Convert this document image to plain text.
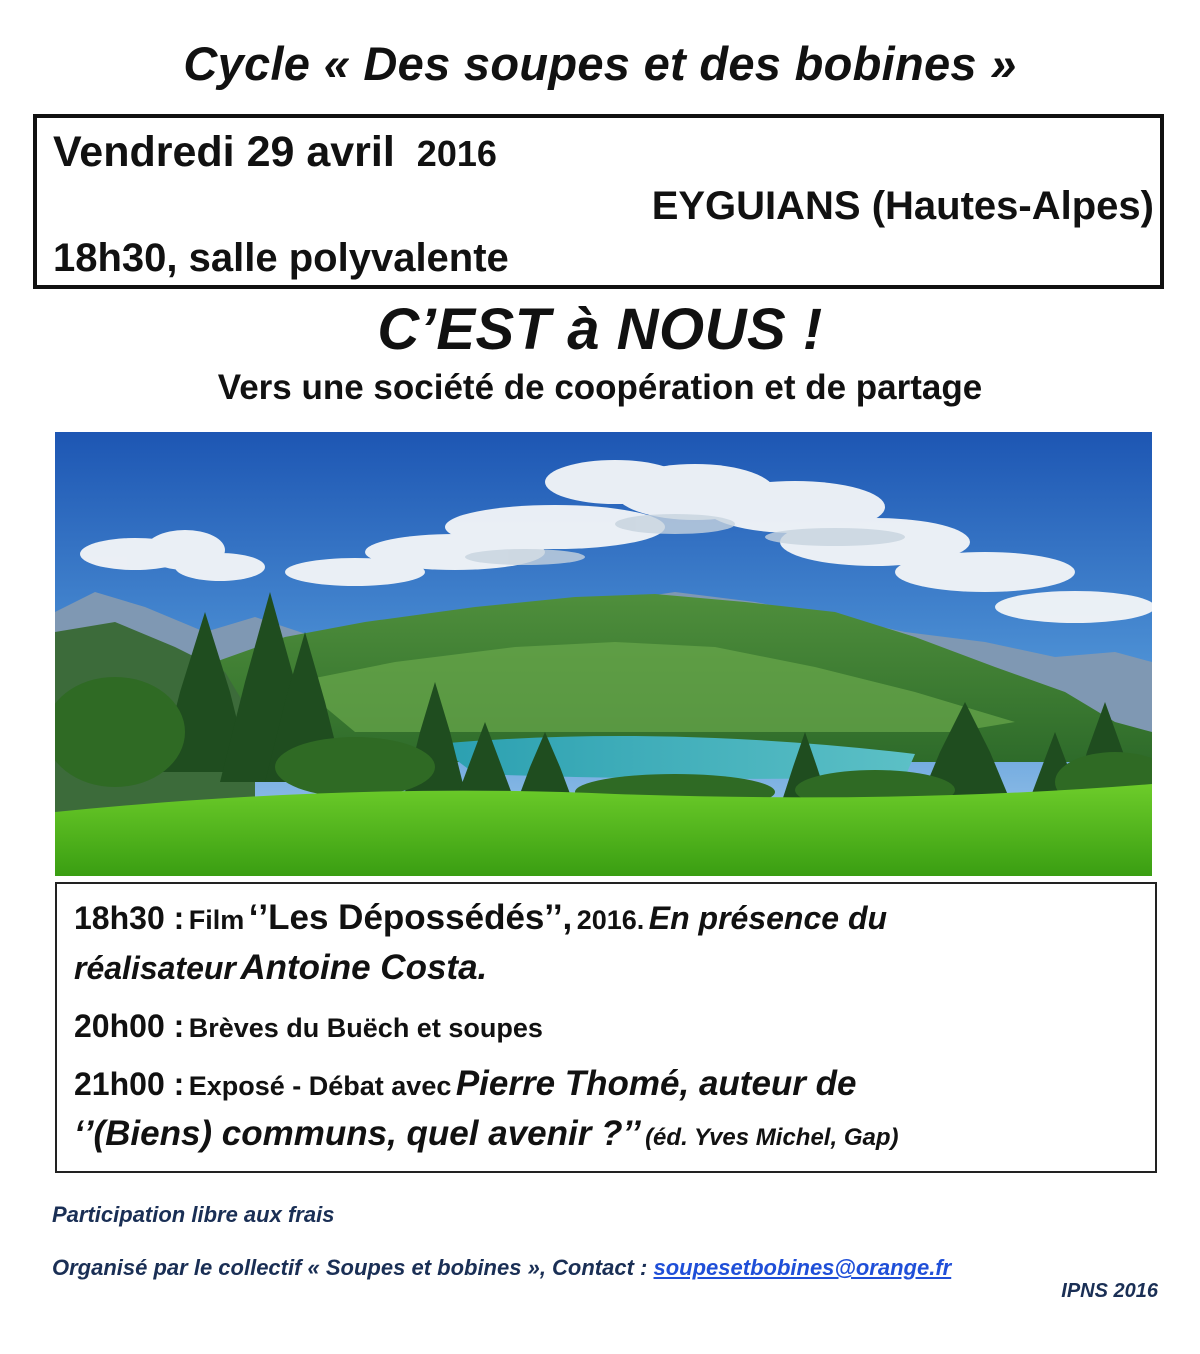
Cycle « Des soupes et des bobines »
Vendredi 29 avril 2016
EYGUIANS (Hautes-Alpes)
18h30, salle polyvalente
C’EST à NOUS !
Vers une société de coopération et de partage
18h30 : Film ‘’Les Dépossédés’’, 2016. En présence du
réalisateur Antoine Costa.
20h00 : Brèves du Buëch et soupes
21h00 : Exposé - Débat avec Pierre Thomé, auteur de
‘’(Biens) communs, quel avenir ?’’ (éd. Yves Michel, Gap)
Participation libre aux frais
Organisé par le collectif « Soupes et bobines », Contact : soupesetbobines@orange.fr
IPNS 2016
